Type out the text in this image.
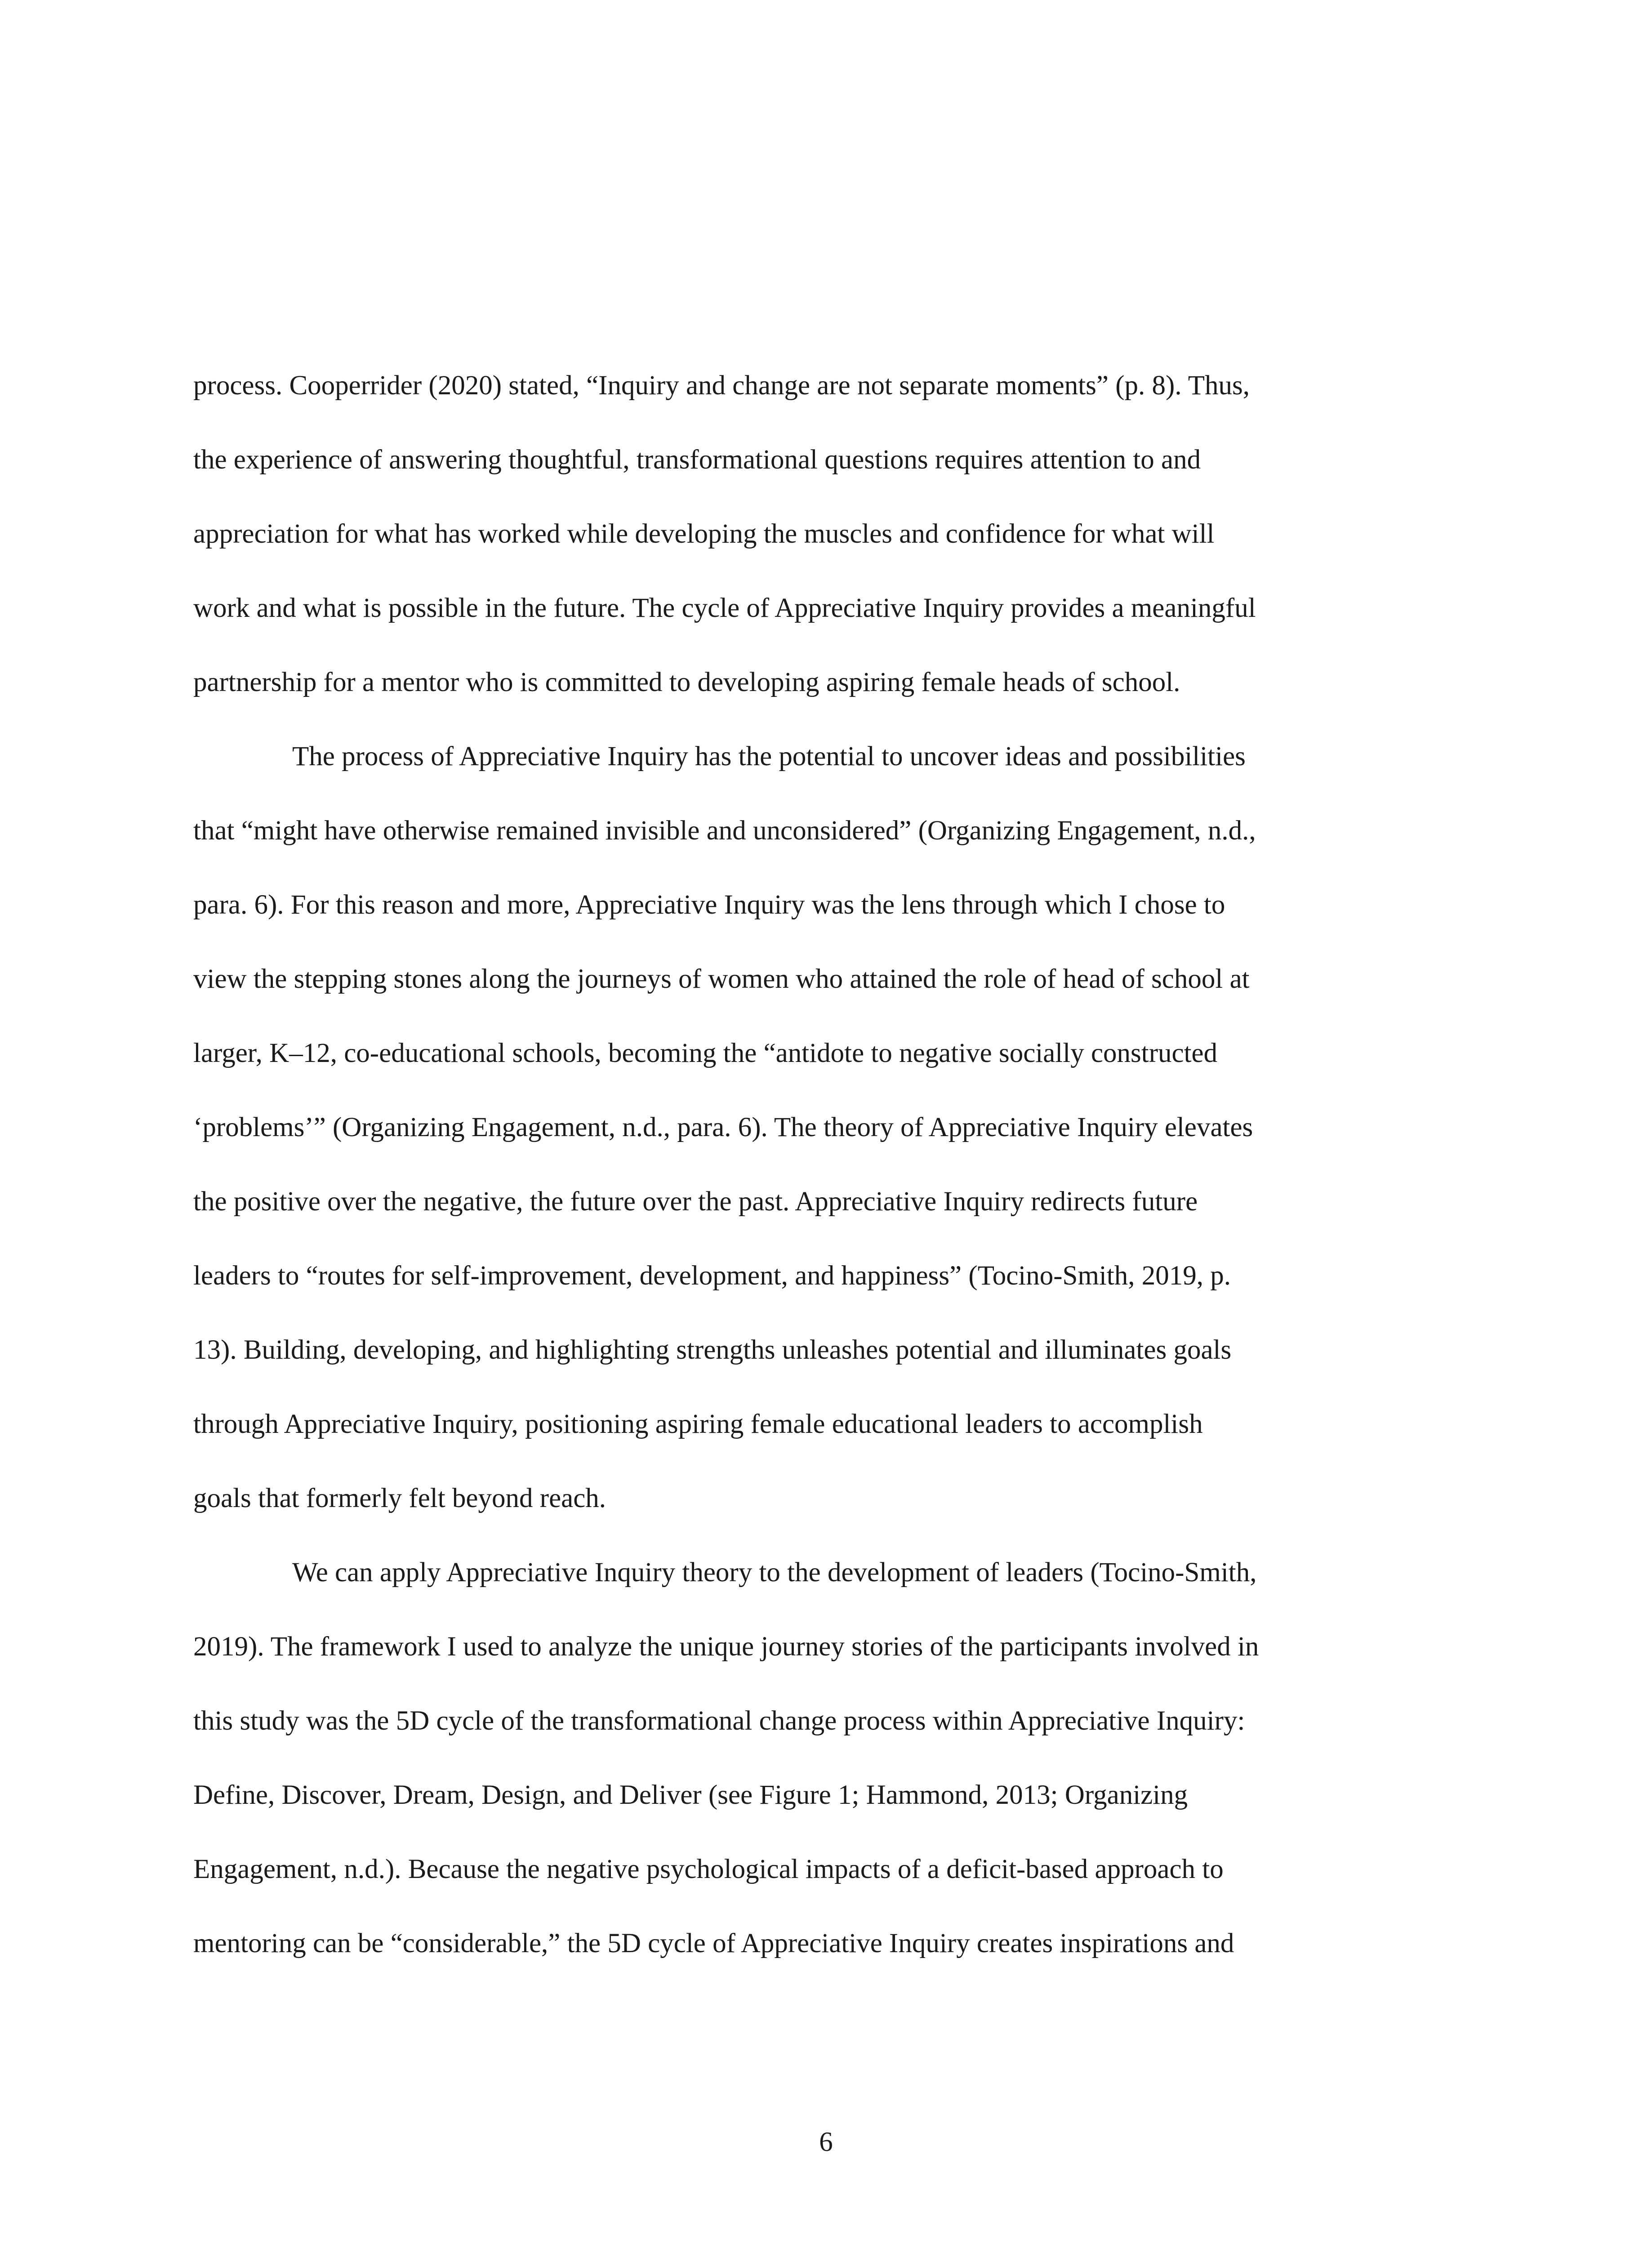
process. Cooperrider (2020) stated, “Inquiry and change are not separate moments” (p. 8). Thus,

the experience of answering thoughtful, transformational questions requires attention to and

appreciation for what has worked while developing the muscles and confidence for what will

work and what is possible in the future. The cycle of Appreciative Inquiry provides a meaningful

partnership for a mentor who is committed to developing aspiring female heads of school.

The process of Appreciative Inquiry has the potential to uncover ideas and possibilities

that “might have otherwise remained invisible and unconsidered” (Organizing Engagement, n.d.,

para. 6). For this reason and more, Appreciative Inquiry was the lens through which I chose to

view the stepping stones along the journeys of women who attained the role of head of school at

larger, K–12, co-educational schools, becoming the “antidote to negative socially constructed

‘problems’” (Organizing Engagement, n.d., para. 6). The theory of Appreciative Inquiry elevates

the positive over the negative, the future over the past. Appreciative Inquiry redirects future

leaders to “routes for self-improvement, development, and happiness” (Tocino-Smith, 2019, p.

13). Building, developing, and highlighting strengths unleashes potential and illuminates goals

through Appreciative Inquiry, positioning aspiring female educational leaders to accomplish

goals that formerly felt beyond reach.

We can apply Appreciative Inquiry theory to the development of leaders (Tocino-Smith,

2019). The framework I used to analyze the unique journey stories of the participants involved in

this study was the 5D cycle of the transformational change process within Appreciative Inquiry:

Define, Discover, Dream, Design, and Deliver (see Figure 1; Hammond, 2013; Organizing

Engagement, n.d.). Because the negative psychological impacts of a deficit-based approach to

mentoring can be “considerable,” the 5D cycle of Appreciative Inquiry creates inspirations and

6
